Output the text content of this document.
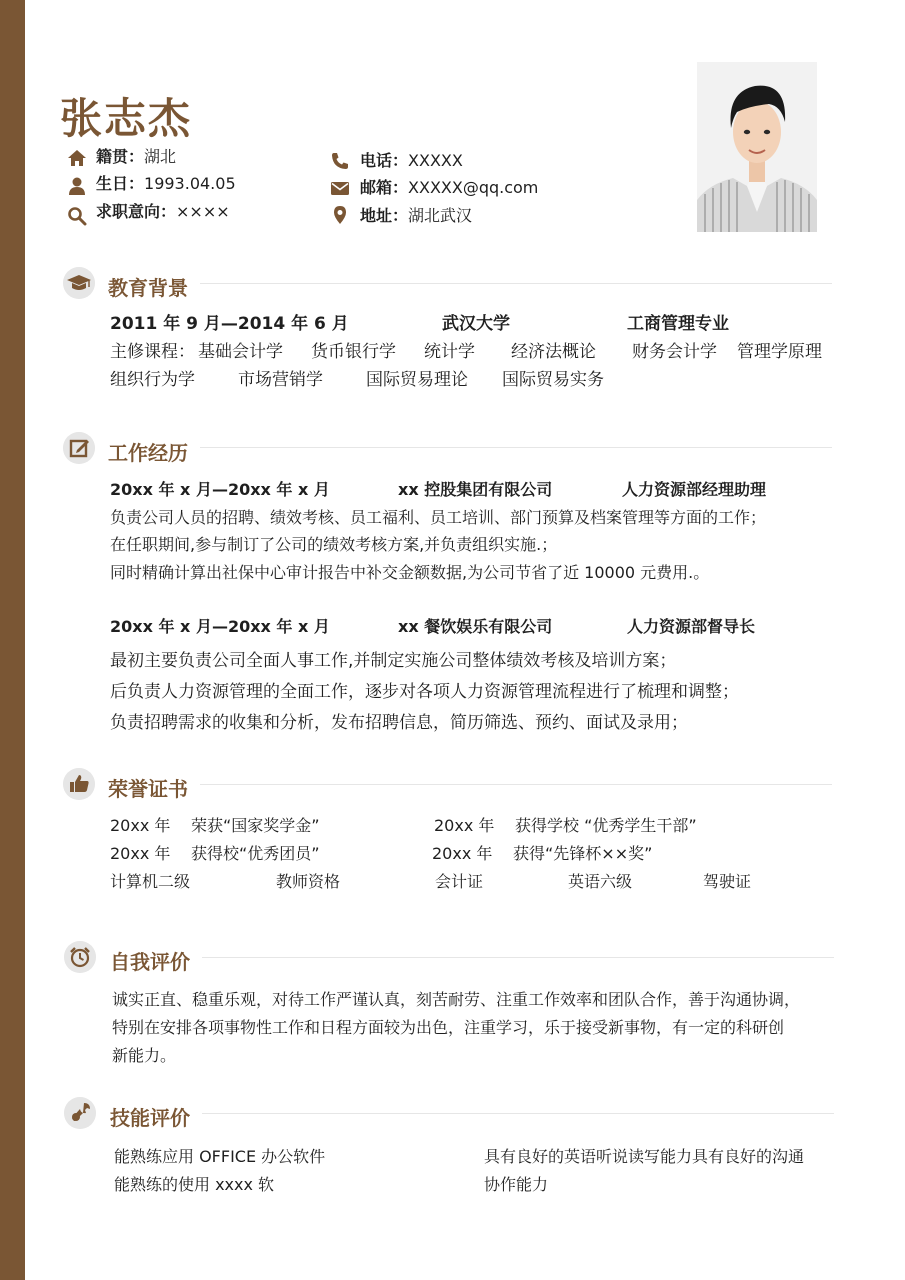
张志杰
籍贯：湖北
生日：1993.04.05
求职意向：××××
电话：XXXXX
邮箱：XXXXX@qq.com
地址：湖北武汉
教育背景
2011 年 9 月—2014 年 6 月	武汉大学	工商管理专业
主修课程： 基础会计学 货币银行学 统计学 经济法概论 财务会计学 管理学原理
组织行为学	市场营销学	国际贸易理论 国际贸易实务
工作经历
20xx 年 x 月—20xx 年 x 月	xx 控股集团有限公司	人力资源部经理助理
负责公司人员的招聘、绩效考核、员工福利、员工培训、部门预算及档案管理等方面的工作；
在任职期间,参与制订了公司的绩效考核方案,并负责组织实施.；
同时精确计算出社保中心审计报告中补交金额数据,为公司节省了近 10000 元费用.。
20xx 年 x 月—20xx 年 x 月	xx 餐饮娱乐有限公司	人力资源部督导长
最初主要负责公司全面人事工作,并制定实施公司整体绩效考核及培训方案；
后负责人力资源管理的全面工作，逐步对各项人力资源管理流程进行了梳理和调整；
负责招聘需求的收集和分析，发布招聘信息，简历筛选、预约、面试及录用；
荣誉证书
20xx 年 荣获“国家奖学金”	20xx 年 获得学校 “优秀学生干部”
20xx 年 获得校“优秀团员”	20xx 年 获得“先锋杯××奖”
计算机二级	教师资格	会计证	英语六级	驾驶证
自我评价
诚实正直、稳重乐观，对待工作严谨认真，刻苦耐劳、注重工作效率和团队合作，善于沟通协调，
特别在安排各项事物性工作和日程方面较为出色，注重学习，乐于接受新事物，有一定的科研创
新能力。
技能评价
能熟练应用 OFFICE 办公软件
能熟练的使用 xxxx 软
具有良好的英语听说读写能力具有良好的沟通
协作能力
